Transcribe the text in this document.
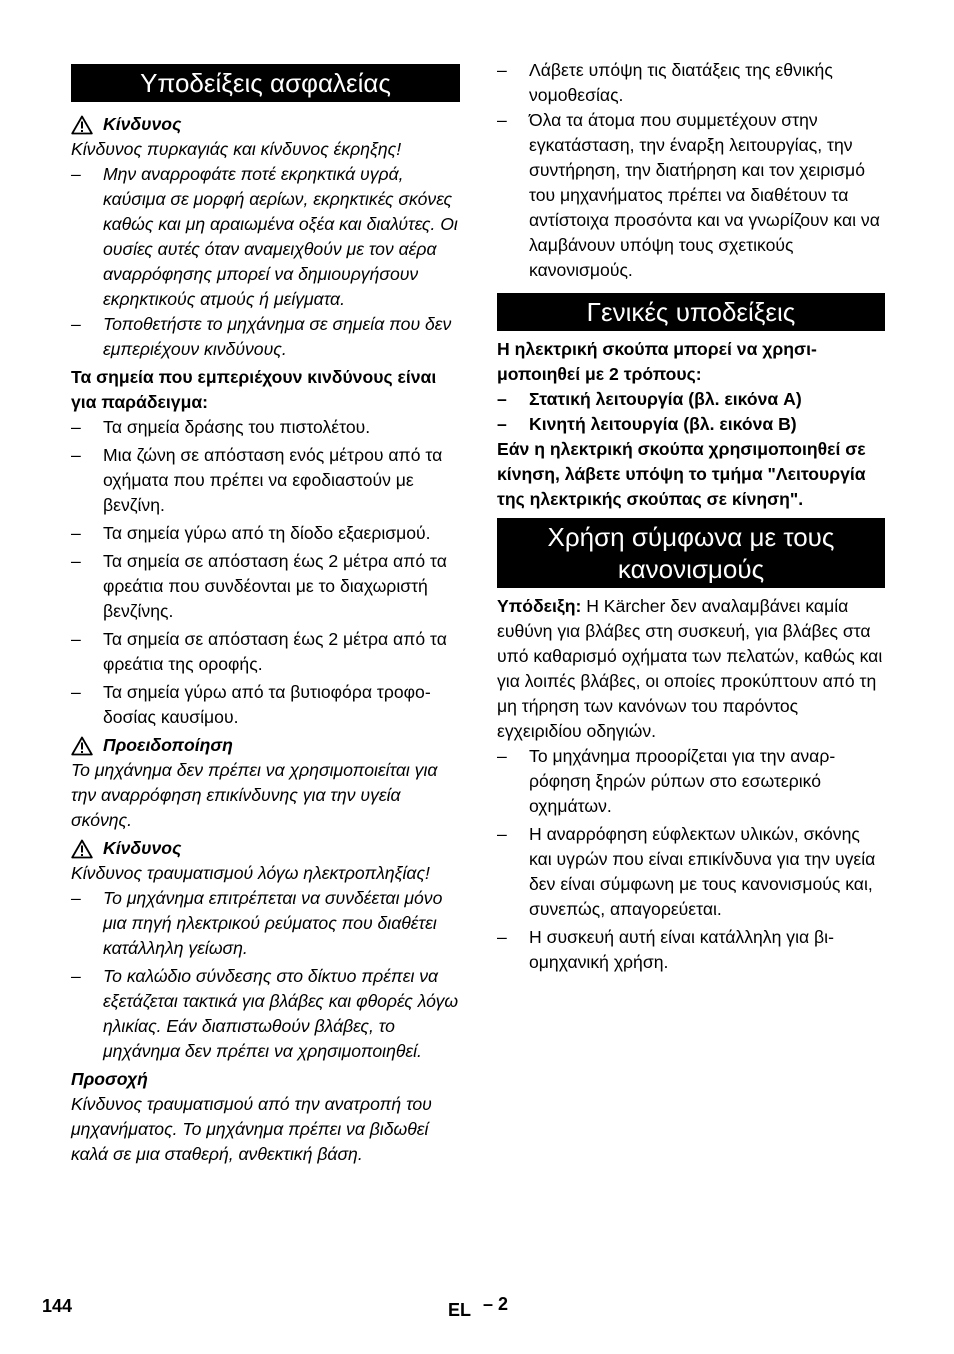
Υποδείξεις ασφαλείας
Κίνδυνος

Κίνδυνος πυρκαγιάς και κίνδυνος έκρηξης!

–	Μην αναρροφάτε ποτέ εκρηκτικά υγρά, καύσιμα σε μορφή αερίων, εκρηκτικές σκόνες καθώς και μη αραιωμένα οξέα και διαλύτες. Οι ουσίες αυτές όταν αναμειχθούν με τον αέρα αναρρόφησης μπορεί να δημιουργήσουν εκρηκτικούς ατμούς ή μείγματα.
–	Τοποθετήστε το μηχάνημα σε σημεία που δεν εμπεριέχουν κινδύνους.

Τα σημεία που εμπεριέχουν κινδύνους είναι για παράδειγμα:

–	Τα σημεία δράσης του πιστολέτου.
–	Μια ζώνη σε απόσταση ενός μέτρου από τα οχήματα που πρέπει να εφοδιαστούν με βενζίνη.
–	Τα σημεία γύρω από τη δίοδο εξαερισμού.
–	Τα σημεία σε απόσταση έως 2 μέτρα από τα φρεάτια που συνδέονται με το διαχωριστή βενζίνης.
–	Τα σημεία σε απόσταση έως 2 μέτρα από τα φρεάτια της οροφής.
–	Τα σημεία γύρω από τα βυτιοφόρα τροφοδοσίας καυσίμου.
Προειδοποίηση

Το μηχάνημα δεν πρέπει να χρησιμοποιείται για την αναρρόφηση επικίνδυνης για την υγεία σκόνης.

Κίνδυνος

Κίνδυνος τραυματισμού λόγω ηλεκτροπληξίας!

–	Το μηχάνημα επιτρέπεται να συνδέεται μόνο μια πηγή ηλεκτρικού ρεύματος που διαθέτει κατάλληλη γείωση.
–	Το καλώδιο σύνδεσης στο δίκτυο πρέπει να εξετάζεται τακτικά για βλάβες και φθορές λόγω ηλικίας. Εάν διαπιστωθούν βλάβες, το μηχάνημα δεν πρέπει να χρησιμοποιηθεί.

Προσοχή

Κίνδυνος τραυματισμού από την ανατροπή του μηχανήματος. Το μηχάνημα πρέπει να βιδωθεί καλά σε μια σταθερή, ανθεκτική βάση.

–	Λάβετε υπόψη τις διατάξεις της εθνικής νομοθεσίας.
–	Όλα τα άτομα που συμμετέχουν στην εγκατάσταση, την έναρξη λειτουργίας, την συντήρηση, την διατήρηση και τον χειρισμό του μηχανήματος πρέπει να διαθέτουν τα αντίστοιχα προσόντα και να γνωρίζουν και να λαμβάνουν υπόψη τους σχετικούς κανονισμούς.
Γενικές υποδείξεις

Η ηλεκτρική σκούπα μπορεί να χρησιμοποιηθεί με 2 τρόπους:

–	Στατική λειτουργία (βλ. εικόνα A)
–	Κινητή λειτουργία (βλ. εικόνα B)

Εάν η ηλεκτρική σκούπα χρησιμοποιηθεί σε κίνηση, λάβετε υπόψη το τμήμα "Λειτουργία της ηλεκτρικής σκούπας σε κίνηση".

Χρήση σύμφωνα με τους κανονισμούς

Υπόδειξη: Η Kärcher δεν αναλαμβάνει καμία ευθύνη για βλάβες στη συσκευή, για βλάβες στα υπό καθαρισμό οχήματα των πελατών, καθώς και για λοιπές βλάβες, οι οποίες προκύπτουν από τη μη τήρηση των κανόνων του παρόντος εγχειριδίου οδηγιών.

–	Το μηχάνημα προορίζεται για την αναρρόφηση ξηρών ρύπων στο εσωτερικό οχημάτων.
–	Η αναρρόφηση εύφλεκτων υλικών, σκόνης και υγρών που είναι επικίνδυνα για την υγεία δεν είναι σύμφωνη με τους κανονισμούς και, συνεπώς, απαγορεύεται.
–	Η συσκευή αυτή είναι κατάλληλη για βιομηχανική χρήση.
144	EL – 2
